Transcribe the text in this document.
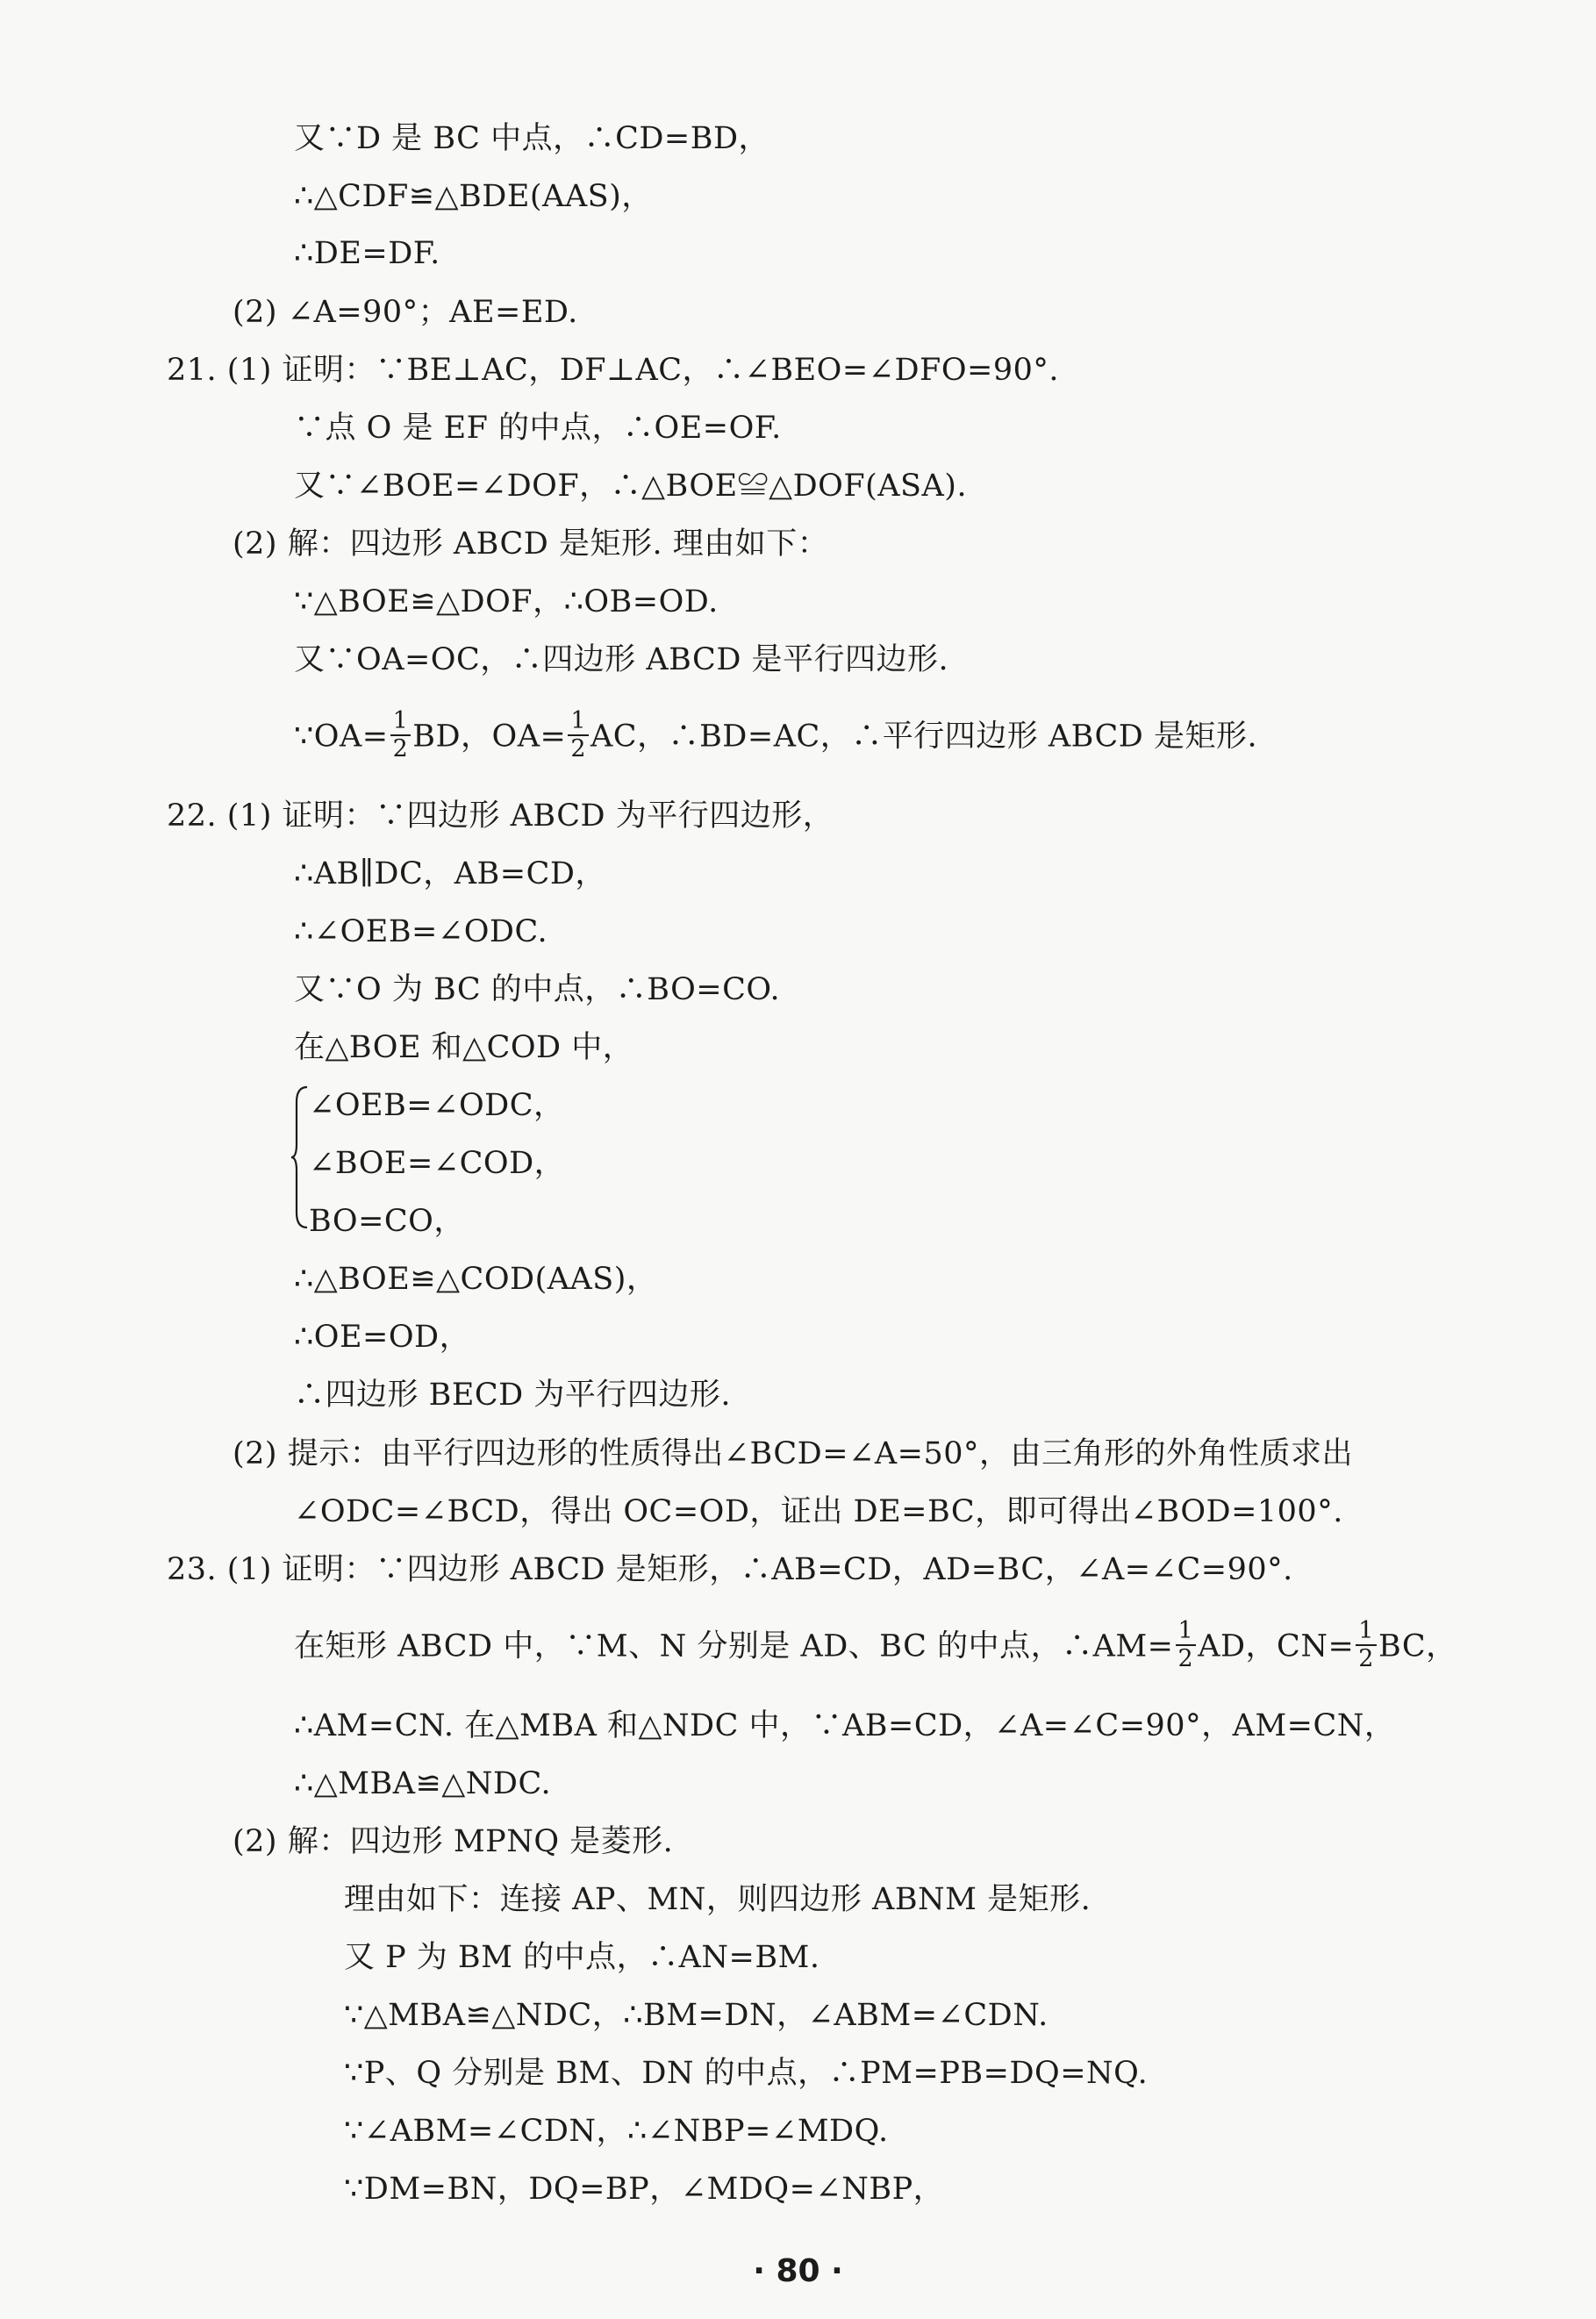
又∵D 是 BC 中点，∴CD=BD，
∴△CDF≌△BDE(AAS)，
∴DE=DF.
(2) ∠A=90°；AE=ED.
21. (1) 证明：∵BE⊥AC，DF⊥AC，∴∠BEO=∠DFO=90°.
∵点 O 是 EF 的中点，∴OE=OF.
又∵∠BOE=∠DOF，∴△BOE≌△DOF(ASA).
(2) 解：四边形 ABCD 是矩形. 理由如下：
∵△BOE≌△DOF，∴OB=OD.
又∵OA=OC，∴四边形 ABCD 是平行四边形.
∵OA= $\frac{1}{2}$ BD，$OA= \frac{1}{2}$ AC，∴BD=AC，∴平行四边形 ABCD 是矩形.
22. (1) 证明：∵四边形 ABCD 为平行四边形，
∴AB∥DC，AB=CD，
∴∠OEB=∠ODC.
又∵O 为 BC 的中点，∴BO=CO.
在△BOE 和△COD 中，
∠OEB=∠ODC，
∠BOE=∠COD，
BO=CO，
∴△BOE≌△COD(AAS)，
∴OE=OD，
∴四边形 BECD 为平行四边形.
(2) 提示：由平行四边形的性质得出∠BCD=∠A=50°，由三角形的外角性质求出
∠ODC=∠BCD，得出 OC=OD，证出 DE=BC，即可得出∠BOD=100°.
23. (1) 证明：∵四边形 ABCD 是矩形，∴AB=CD，AD=BC，∠A=∠C=90°.
在矩形 ABCD 中，∵M、N 分别是 AD、BC 的中点，∴AM= $\frac{1}{2}$ AD，$CN= \frac{1}{2}$ BC，
∴AM=CN. 在△MBA 和△NDC 中，∵AB=CD，∠A=∠C=90°，AM=CN，
∴△MBA≌△NDC.
(2) 解：四边形 MPNQ 是菱形.
理由如下：连接 AP、MN，则四边形 ABNM 是矩形.
又 P 为 BM 的中点，∴AN=BM.
∵△MBA≌△NDC，∴BM=DN，∠ABM=∠CDN.
∵P、Q 分别是 BM、DN 的中点，∴PM=PB=DQ=NQ.
∵∠ABM=∠CDN，∴∠NBP=∠MDQ.
∵DM=BN，DQ=BP，∠MDQ=∠NBP，
· 80 ·
